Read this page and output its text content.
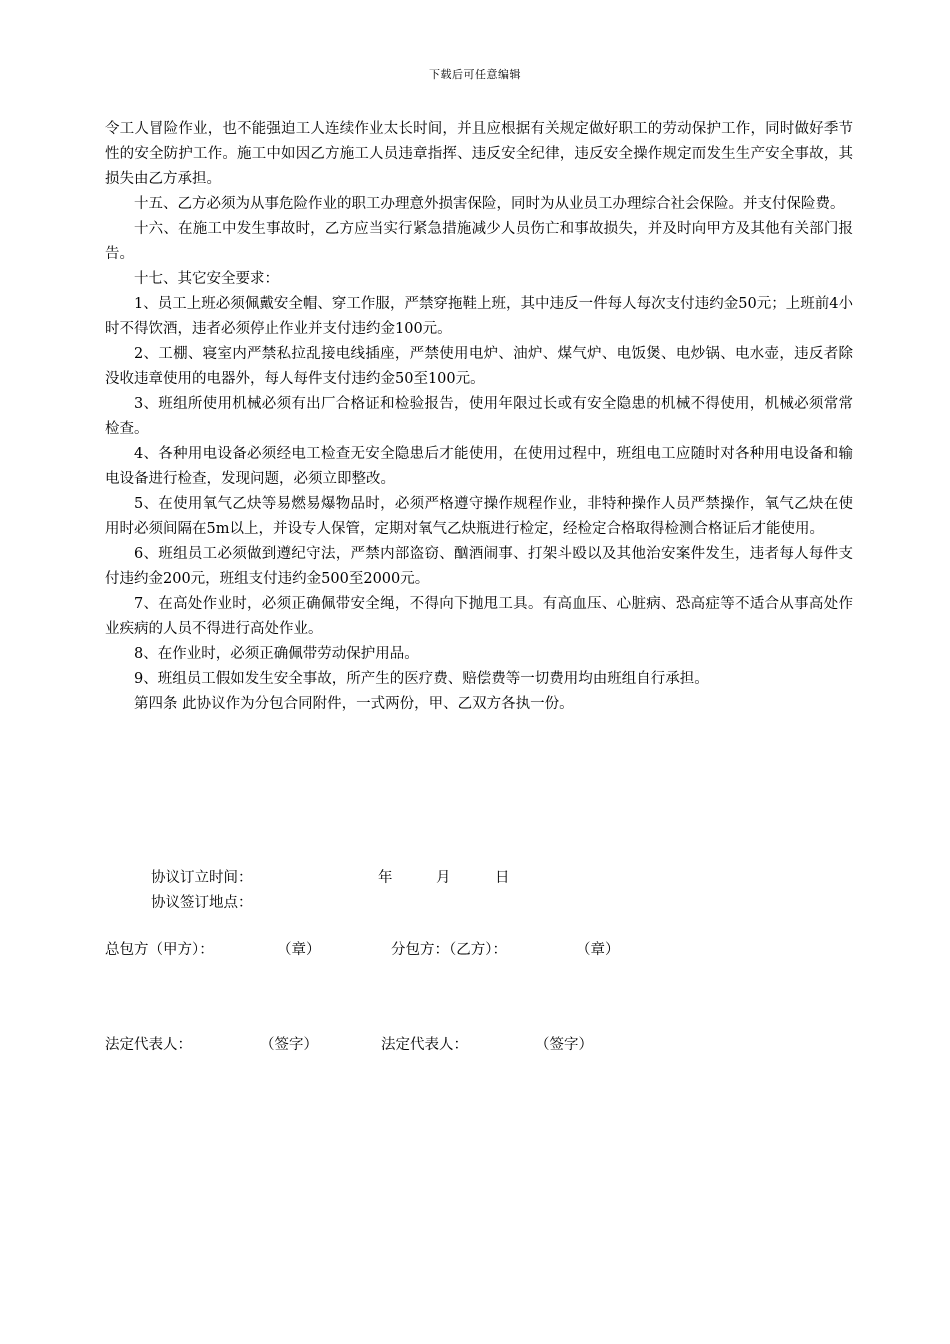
下载后可任意编辑

令工人冒险作业，也不能强迫工人连续作业太长时间，并且应根据有关规定做好职工的劳动保护工作，同时做好季节性的安全防护工作。施工中如因乙方施工人员违章指挥、违反安全纪律，违反安全操作规定而发生生产安全事故，其损失由乙方承担。

十五、乙方必须为从事危险作业的职工办理意外损害保险，同时为从业员工办理综合社会保险。并支付保险费。

十六、在施工中发生事故时，乙方应当实行紧急措施减少人员伤亡和事故损失，并及时向甲方及其他有关部门报告。

十七、其它安全要求：

1、员工上班必须佩戴安全帽、穿工作服，严禁穿拖鞋上班，其中违反一件每人每次支付违约金50元；上班前4小时不得饮酒，违者必须停止作业并支付违约金100元。

2、工棚、寝室内严禁私拉乱接电线插座，严禁使用电炉、油炉、煤气炉、电饭煲、电炒锅、电水壶，违反者除没收违章使用的电器外，每人每件支付违约金50至100元。

3、班组所使用机械必须有出厂合格证和检验报告，使用年限过长或有安全隐患的机械不得使用，机械必须常常检查。

4、各种用电设备必须经电工检查无安全隐患后才能使用，在使用过程中，班组电工应随时对各种用电设备和输电设备进行检查，发现问题，必须立即整改。

5、在使用氧气乙炔等易燃易爆物品时，必须严格遵守操作规程作业，非特种操作人员严禁操作，氧气乙炔在使用时必须间隔在5m以上，并设专人保管，定期对氧气乙炔瓶进行检定，经检定合格取得检测合格证后才能使用。

6、班组员工必须做到遵纪守法，严禁内部盗窃、酗酒闹事、打架斗殴以及其他治安案件发生，违者每人每件支付违约金200元，班组支付违约金500至2000元。

7、在高处作业时，必须正确佩带安全绳，不得向下抛甩工具。有高血压、心脏病、恐高症等不适合从事高处作业疾病的人员不得进行高处作业。

8、在作业时，必须正确佩带劳动保护用品。

9、班组员工假如发生安全事故，所产生的医疗费、赔偿费等一切费用均由班组自行承担。

第四条 此协议作为分包合同附件，一式两份，甲、乙双方各执一份。

协议订立时间：	年	月	日
协议签订地点：
总包方（甲方）：	（章）	分包方：（乙方）：	（章）
法定代表人：	（签字）	法定代表人：	（签字）
